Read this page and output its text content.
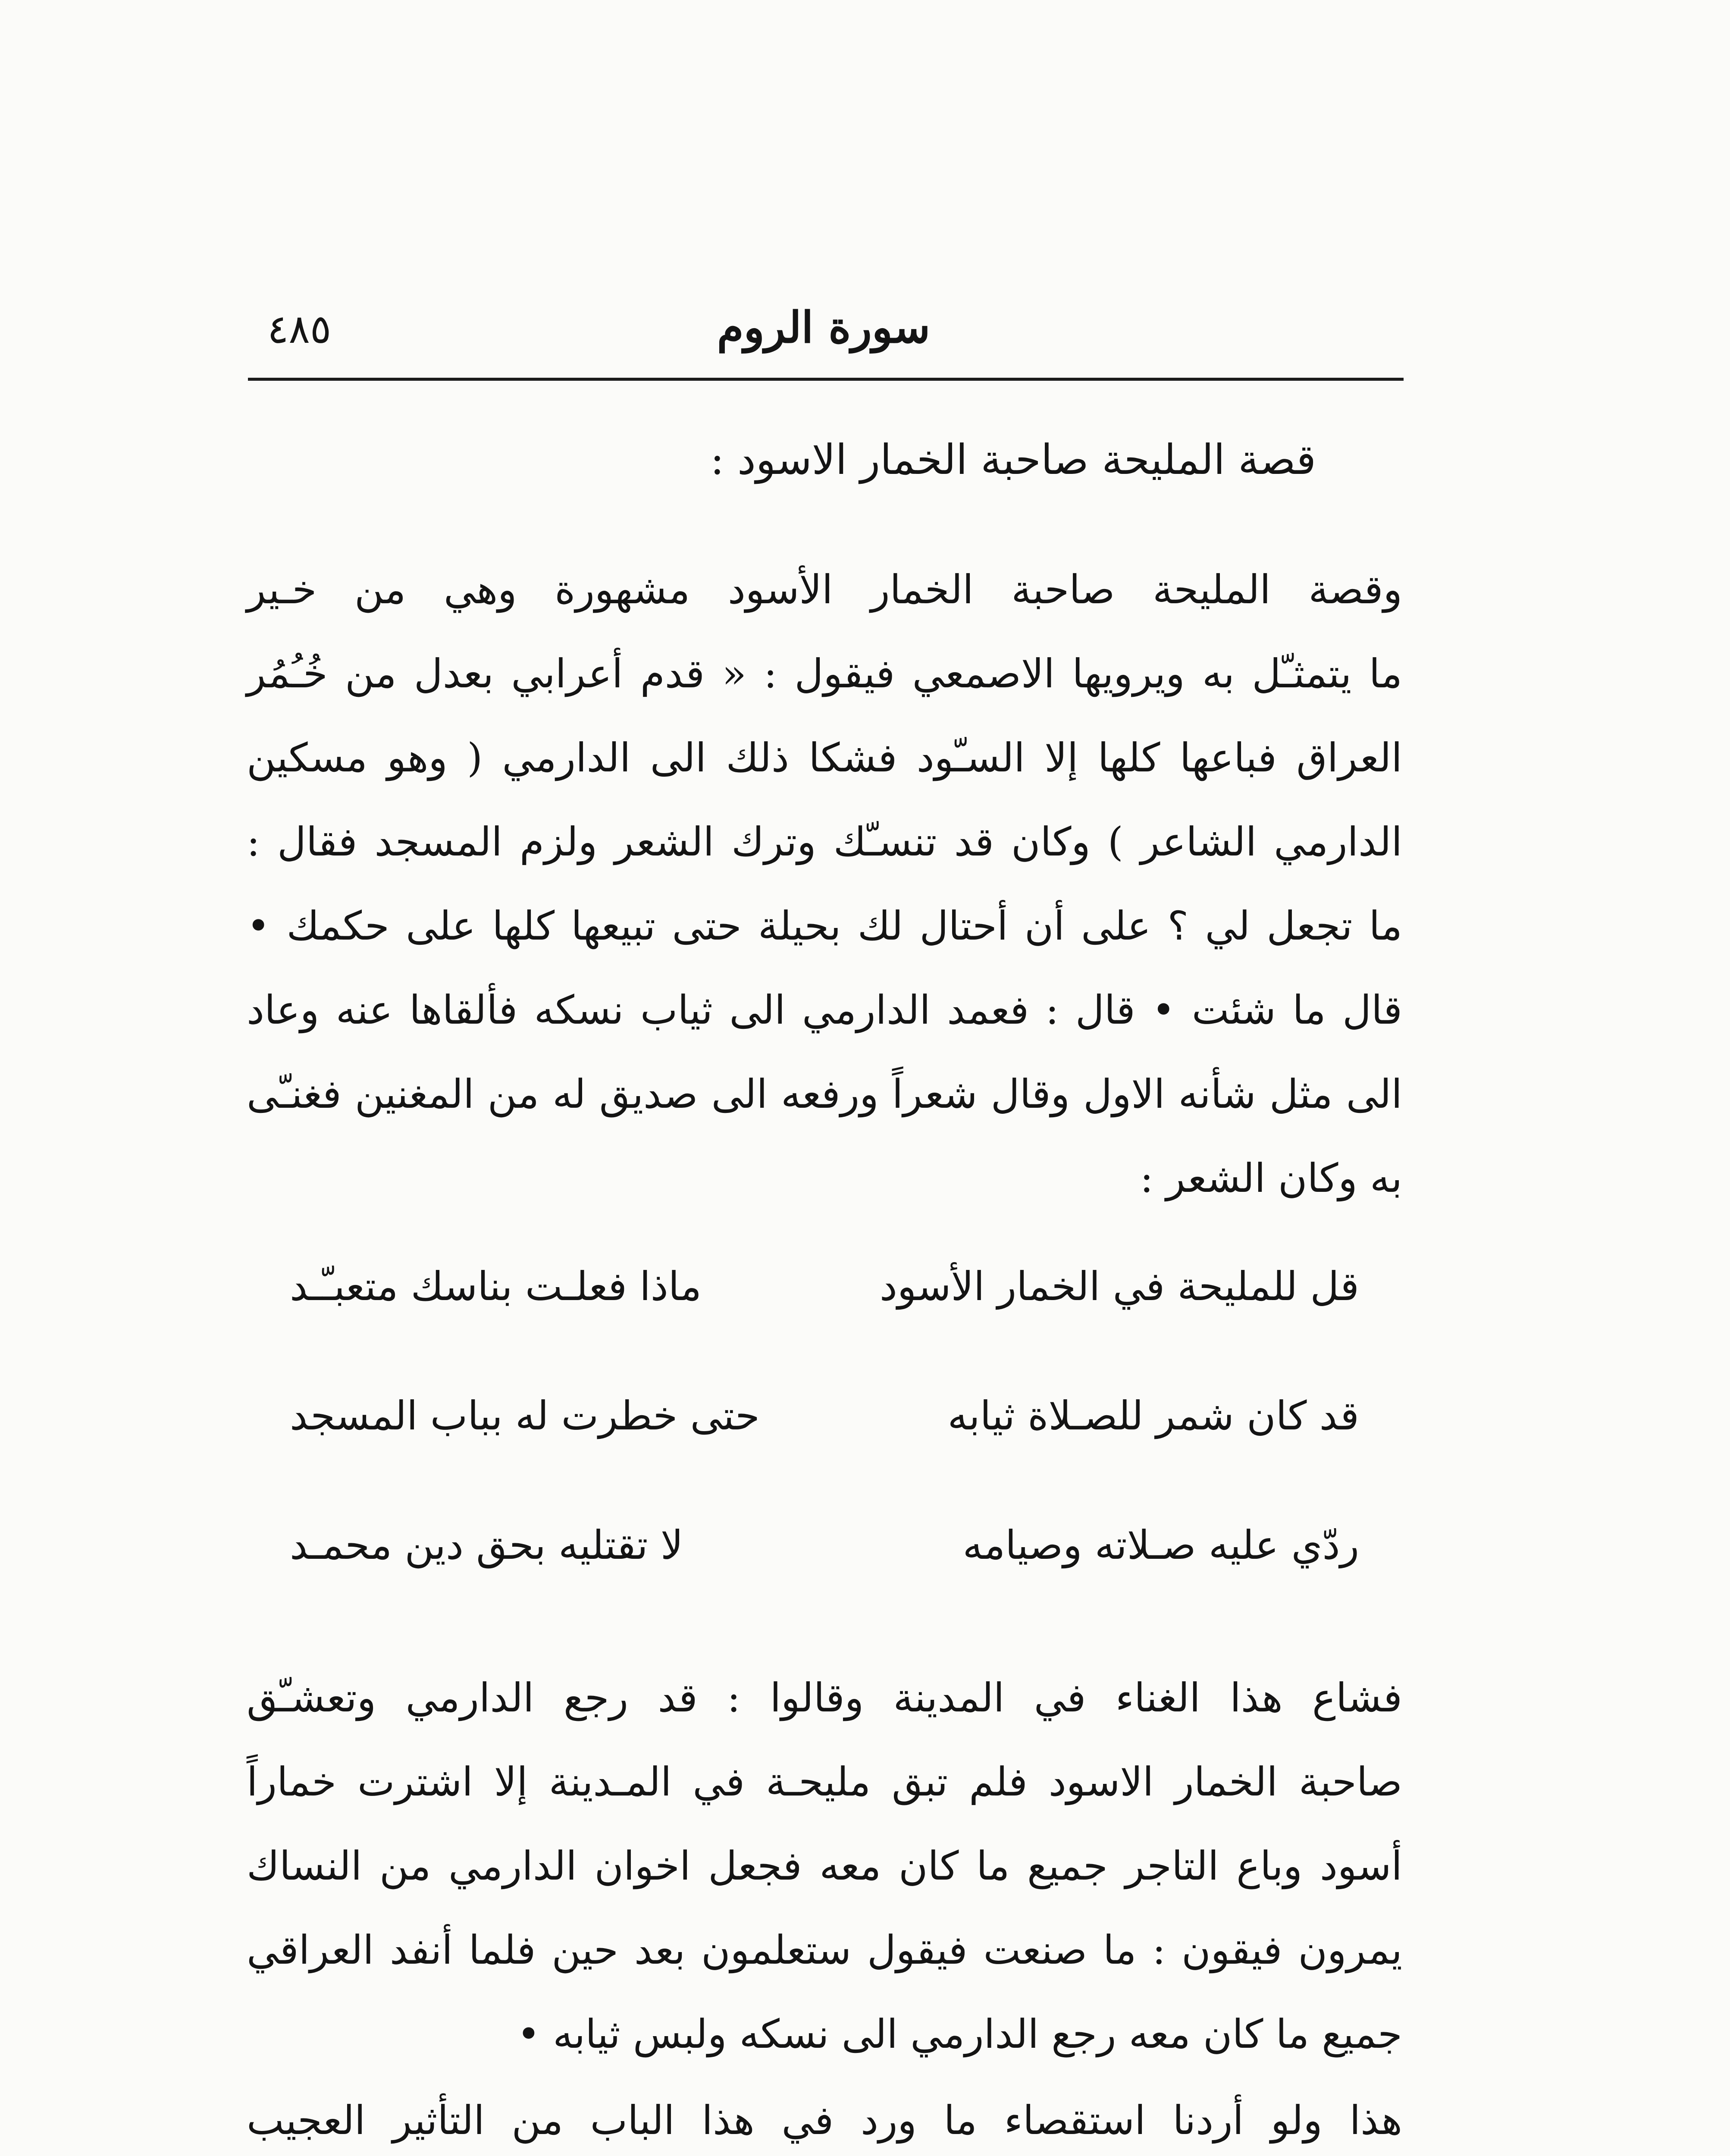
٤٨٥	سورة الروم
قصة المليحة صاحبة الخمار الاسود :
وقصة المليحة صاحبة الخمار الأسود مشهورة وهي من خـير
ما يتمثـّل به ويرويها الاصمعي فيقول : « قدم أعرابي بعدل من خُـُمُر
العراق فباعها كلها إلا السـّود فشكا ذلك الى الدارمي ( وهو مسكين
الدارمي الشاعر ) وكان قد تنسـّك وترك الشعر ولزم المسجد فقال :
ما تجعل لي ؟ على أن أحتال لك بحيلة حتى تبيعها كلها على حكمك •
قال ما شئت • قال : فعمد الدارمي الى ثياب نسكه فألقاها عنه وعاد
الى مثل شأنه الاول وقال شعراً ورفعه الى صديق له من المغنين فغنـّى
به وكان الشعر :
قل للمليحة في الخمار الأسود
ماذا فعلـت بناسك متعبـّـد
قد كان شمر للصـلاة ثيابه
حتى خطرت له بباب المسجد
ردّي عليه صـلاته وصيامه
لا تقتليه بحق دين محمـد
فشاع هذا الغناء في المدينة وقالوا : قد رجع الدارمي وتعشـّق
صاحبة الخمار الاسود فلم تبق مليحـة في المـدينة إلا اشترت خماراً
أسود وباع التاجر جميع ما كان معه فجعل اخوان الدارمي من النساك
يمرون فيقون : ما صنعت فيقول ستعلمون بعد حين فلما أنفد العراقي
جميع ما كان معه رجع الدارمي الى نسكه ولبس ثيابه •
هذا ولو أردنا استقصاء ما ورد في هذا الباب من التأثير العجيب
